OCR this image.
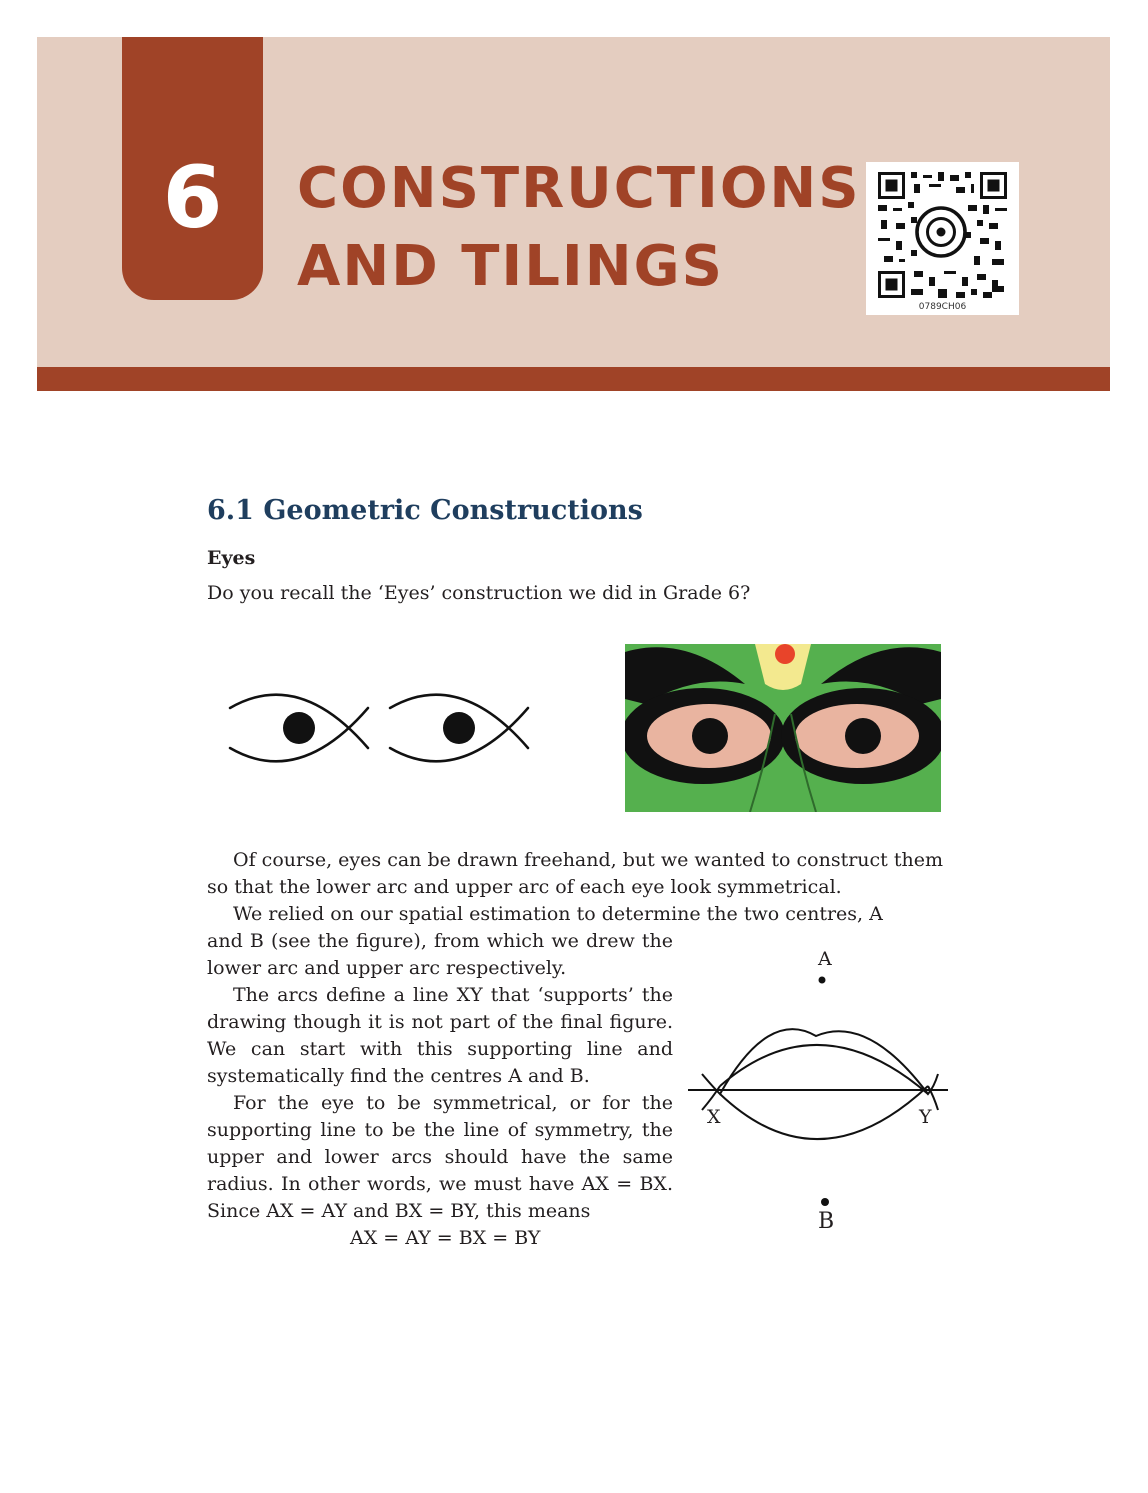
6	CONSTRUCTIONS
AND TILINGS
0789CH06
6.1 Geometric Constructions
Eyes

Do you recall the ‘Eyes’ construction we did in Grade 6?

Of course, eyes can be drawn freehand, but we wanted to construct them so that the lower arc and upper arc of each eye look symmetrical.

We relied on our spatial estimation to determine the two centres, A

and B (see the figure), from which we drew the lower arc and upper arc respectively.

The arcs define a line XY that ‘supports’ the drawing though it is not part of the final figure. We can start with this supporting line and systematically find the centres A and B.

For the eye to be symmetrical, or for the supporting line to be the line of symmetry, the upper and lower arcs should have the same radius. In other words, we must have AX = BX. Since AX = AY and BX = BY, this means

AX = AY = BX = BY

A
B
X	Y
